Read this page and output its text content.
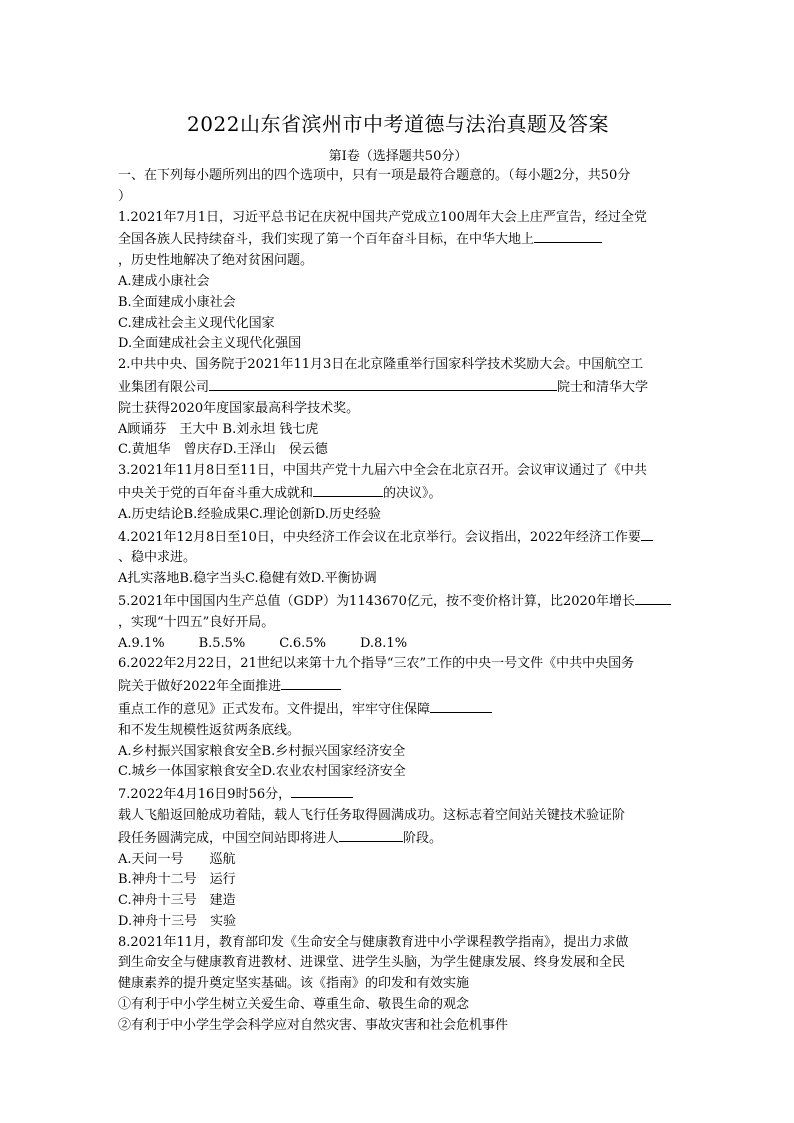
2022山东省滨州市中考道德与法治真题及答案
第Ⅰ卷（选择题共50分）
一、在下列每小题所列出的四个选项中，只有一项是最符合题意的。（每小题2分，共50分
）
1.2021年7月1日，习近平总书记在庆祝中国共产党成立100周年大会上庄严宣告，经过全党
全国各族人民持续奋斗，我们实现了第一个百年奋斗目标，在中华大地上
，历史性地解决了绝对贫困问题。
A.建成小康社会
B.全面建成小康社会
C.建成社会主义现代化国家
D.全面建成社会主义现代化强国
2.中共中央、国务院于2021年11月3日在北京隆重举行国家科学技术奖励大会。中国航空工
业集团有限公司	院士和清华大学
院士获得2020年度国家最高科学技术奖。
A顾诵芬　王大中 B.刘永坦 钱七虎
C.黄旭华　曾庆存D.王泽山　侯云德
3.2021年11月8日至11日，中国共产党十九届六中全会在北京召开。会议审议通过了《中共
中央关于党的百年奋斗重大成就和	的决议》。
A.历史结论B.经验成果C.理论创新D.历史经验
4.2021年12月8日至10日，中央经济工作会议在北京举行。会议指出，2022年经济工作要
、稳中求进。
A扎实落地B.稳字当头C.稳健有效D.平衡协调
5.2021年中国国内生产总值（GDP）为1143670亿元，按不变价格计算，比2020年增长
，实现“十四五”良好开局。
A.9.1%	B.5.5%	C.6.5%	D.8.1%
6.2022年2月22日，21世纪以来第十九个指导“三农”工作的中央一号文件《中共中央国务
院关于做好2022年全面推进
重点工作的意见》正式发布。文件提出，牢牢守住保障
和不发生规模性返贫两条底线。
A.乡村振兴国家粮食安全B.乡村振兴国家经济安全
C.城乡一体国家粮食安全D.农业农村国家经济安全
7.2022年4月16日9时56分，
载人飞船返回舱成功着陆，载人飞行任务取得圆满成功。这标志着空间站关键技术验证阶
段任务圆满完成，中国空间站即将进人	阶段。
A.天问一号　　巡航
B.神舟十二号　运行
C.神舟十三号　建造
D.神舟十三号　实验
8.2021年11月，教育部印发《生命安全与健康教育进中小学课程教学指南》，提出力求做
到生命安全与健康教育进教材、进课堂、进学生头脑，为学生健康发展、终身发展和全民
健康素养的提升奠定坚实基础。该《指南》的印发和有效实施
①有利于中小学生树立关爱生命、尊重生命、敬畏生命的观念
②有利于中小学生学会科学应对自然灾害、事故灾害和社会危机事件
